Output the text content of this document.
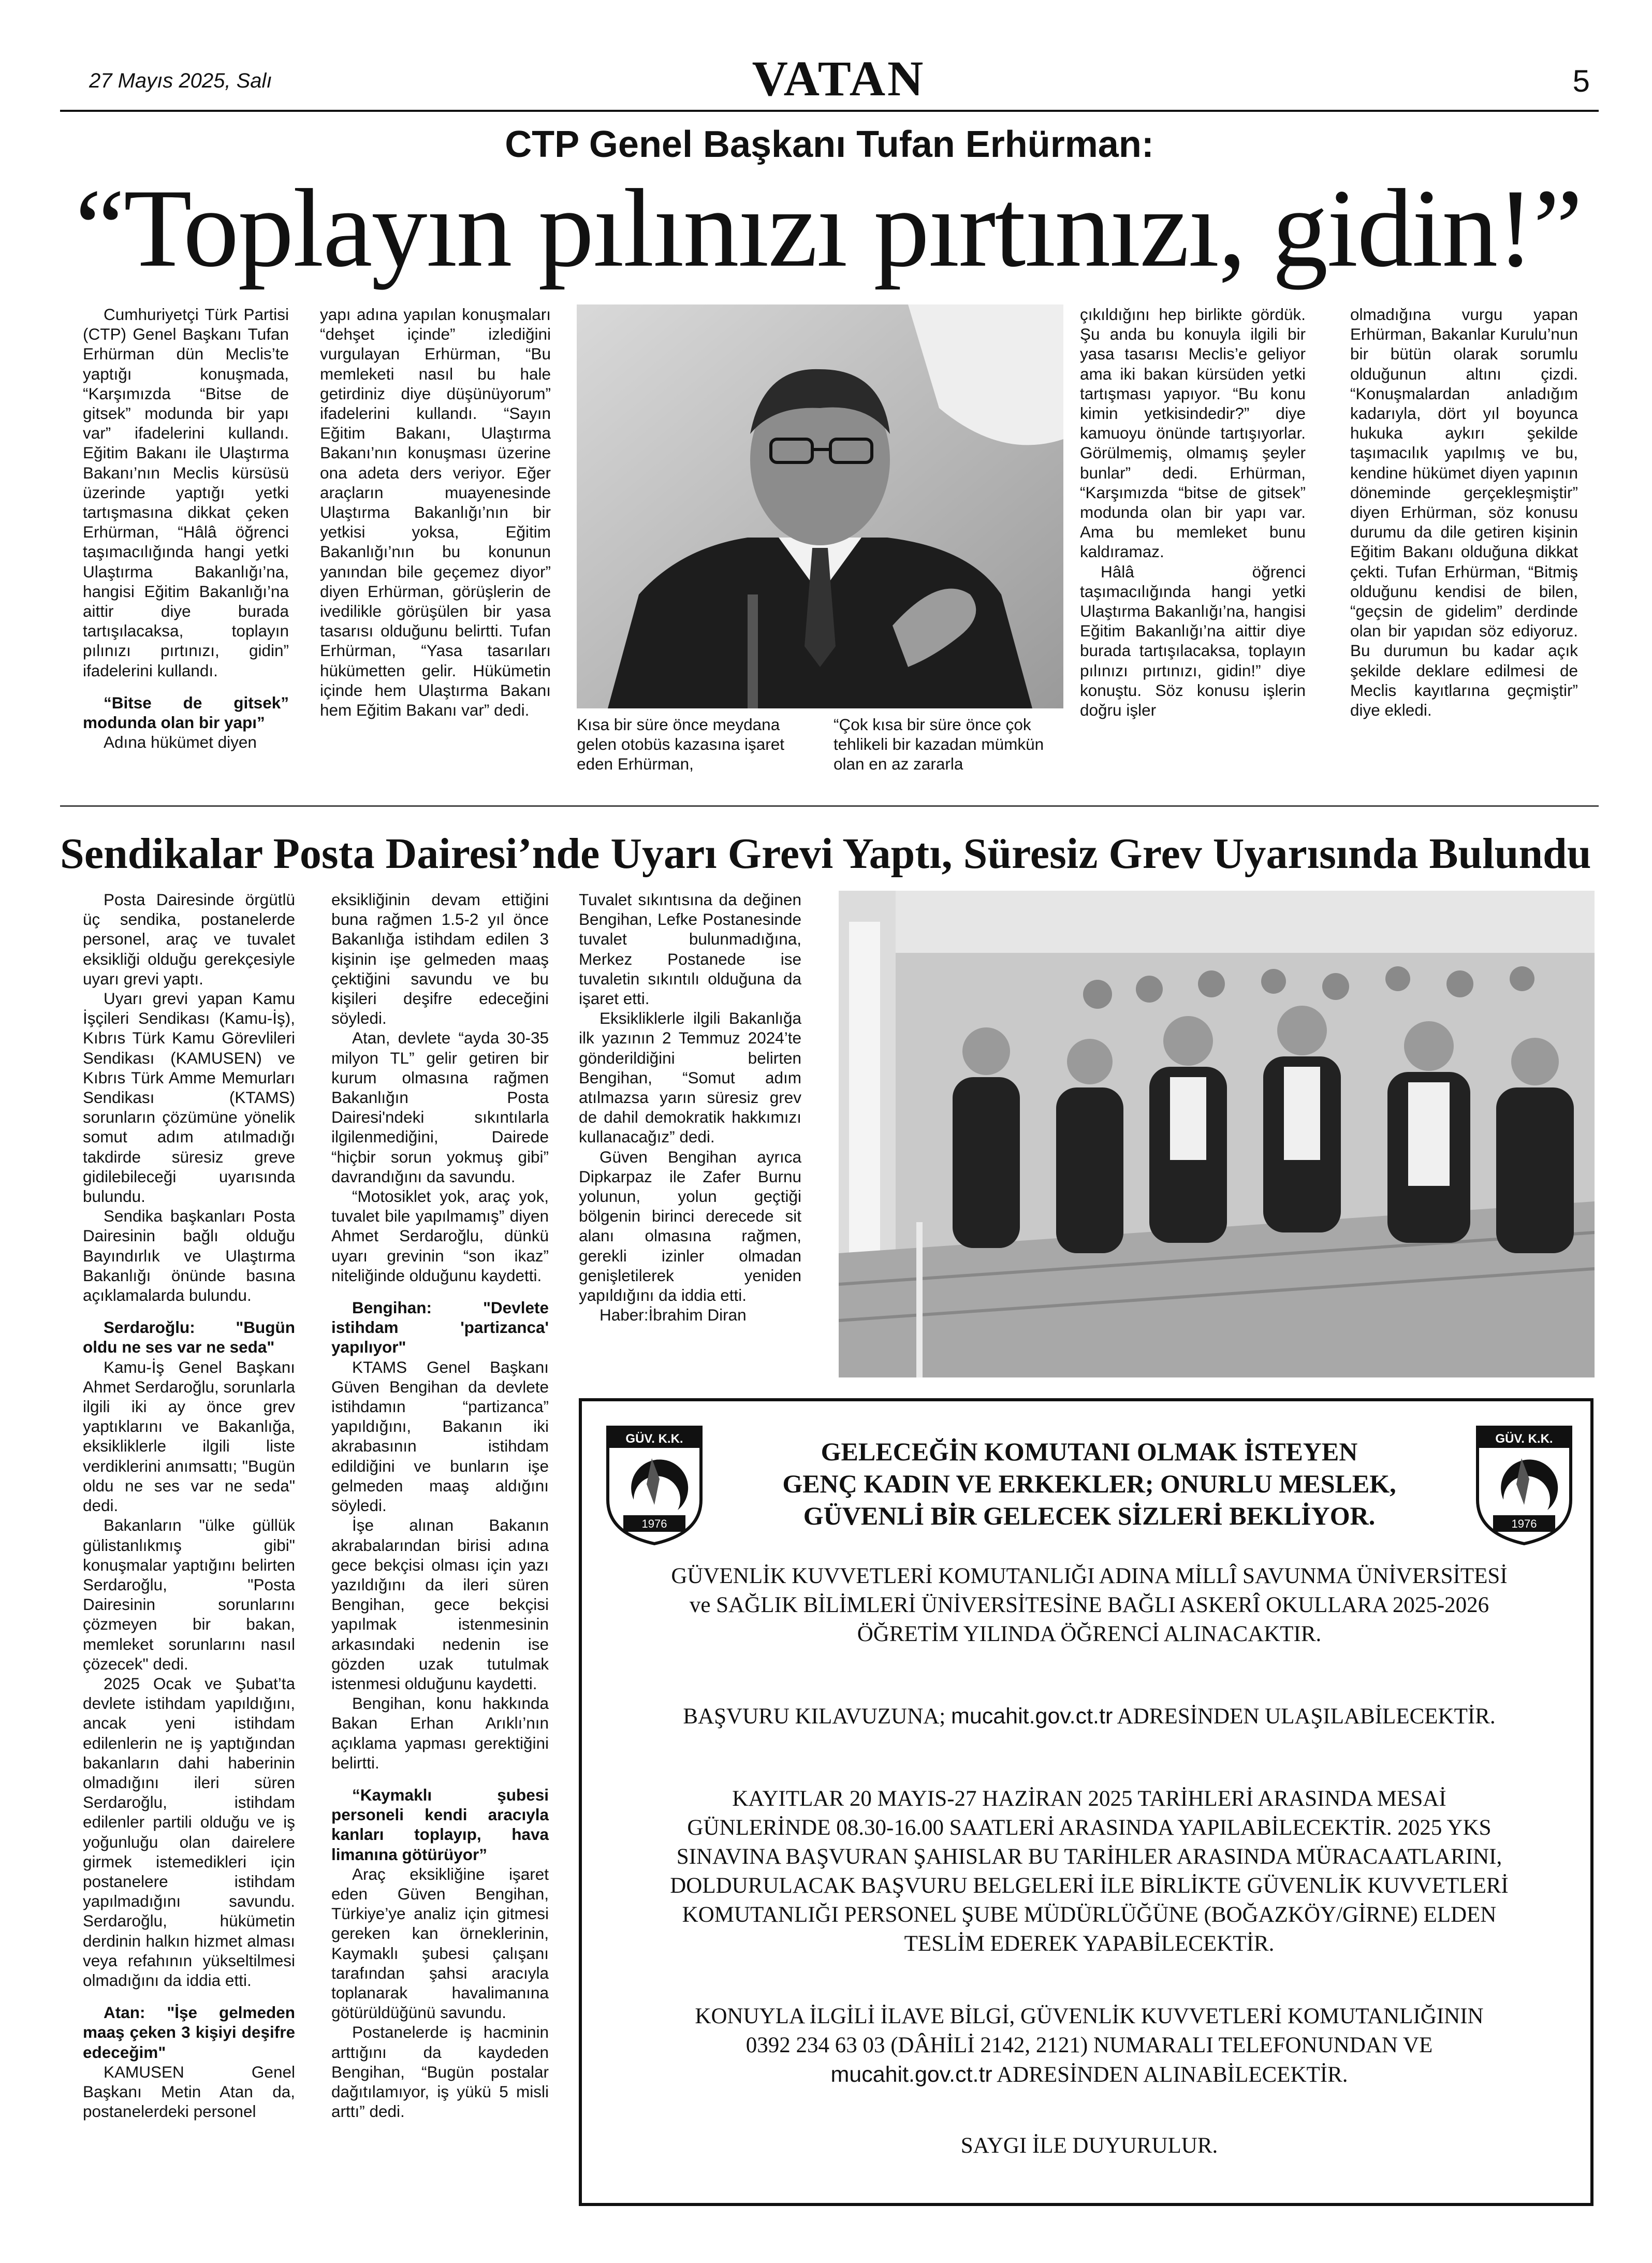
27 Mayıs 2025, Salı	VATAN	5
CTP Genel Başkanı Tufan Erhürman:
“Toplayın pılınızı pırtınızı, gidin!”

Cumhuriyetçi Türk Partisi (CTP) Genel Başkanı Tufan Erhürman dün Meclis’te yaptığı konuşmada, “Karşımızda “Bitse de gitsek” modunda bir yapı var” ifadelerini kullandı. Eğitim Bakanı ile Ulaştırma Bakanı’nın Meclis kürsüsü üzerinde yaptığı yetki tartışmasına dikkat çeken Erhürman, “Hâlâ öğrenci taşımacılığında hangi yetki Ulaştırma Bakanlığı’na, hangisi Eğitim Bakanlığı’na aittir diye burada tartışılacaksa, toplayın pılınızı pırtınızı, gidin” ifadelerini kullandı.

“Bitse de gitsek” modunda olan bir yapı”

Adına hükümet diyen

yapı adına yapılan konuşmaları “dehşet içinde” izlediğini vurgulayan Erhürman, “Bu memleketi nasıl bu hale getirdiniz diye düşünüyorum” ifadelerini kullandı. “Sayın Eğitim Bakanı, Ulaştırma Bakanı’nın konuşması üzerine ona adeta ders veriyor. Eğer araçların muayenesinde Ulaştırma Bakanlığı’nın bir yetkisi yoksa, Eğitim Bakanlığı’nın bu konunun yanından bile geçemez diyor” diyen Erhürman, görüşlerin de ivedilikle görüşülen bir yasa tasarısı olduğunu belirtti. Tufan Erhürman, “Yasa tasarıları hükümetten gelir. Hükümetin içinde hem Ulaştırma Bakanı hem Eğitim Bakanı var” dedi.

Kısa bir süre önce meydana gelen otobüs kazasına işaret eden Erhürman,
“Çok kısa bir süre önce çok tehlikeli bir kazadan mümkün olan en az zararla

çıkıldığını hep birlikte gördük. Şu anda bu konuyla ilgili bir yasa tasarısı Meclis’e geliyor ama iki bakan kürsüden yetki tartışması yapıyor. “Bu konu kimin yetkisindedir?” diye kamuoyu önünde tartışıyorlar. Görülmemiş, olmamış şeyler bunlar” dedi. Erhürman, “Karşımızda “bitse de gitsek” modunda olan bir yapı var. Ama bu memleket bunu kaldıramaz.

Hâlâ öğrenci taşımacılığında hangi yetki Ulaştırma Bakanlığı’na, hangisi Eğitim Bakanlığı’na aittir diye burada tartışılacaksa, toplayın pılınızı pırtınızı, gidin!” diye konuştu. Söz konusu işlerin doğru işler

olmadığına vurgu yapan Erhürman, Bakanlar Kurulu’nun bir bütün olarak sorumlu olduğunun altını çizdi. “Konuşmalardan anladığım kadarıyla, dört yıl boyunca hukuka aykırı şekilde taşımacılık yapılmış ve bu, kendine hükümet diyen yapının döneminde gerçekleşmiştir” diyen Erhürman, söz konusu durumu da dile getiren kişinin Eğitim Bakanı olduğuna dikkat çekti. Tufan Erhürman, “Bitmiş olduğunu kendisi de bilen, “geçsin de gidelim” derdinde olan bir yapıdan söz ediyoruz. Bu durumun bu kadar açık şekilde deklare edilmesi de Meclis kayıtlarına geçmiştir” diye ekledi.

Sendikalar Posta Dairesi’nde Uyarı Grevi Yaptı, Süresiz Grev Uyarısında Bulundu

Posta Dairesinde örgütlü üç sendika, postanelerde personel, araç ve tuvalet eksikliği olduğu gerekçesiyle uyarı grevi yaptı.

Uyarı grevi yapan Kamu İşçileri Sendikası (Kamu-İş), Kıbrıs Türk Kamu Görevlileri Sendikası (KAMUSEN) ve Kıbrıs Türk Amme Memurları Sendikası (KTAMS) sorunların çözümüne yönelik somut adım atılmadığı takdirde süresiz greve gidilebileceği uyarısında bulundu.

Sendika başkanları Posta Dairesinin bağlı olduğu Bayındırlık ve Ulaştırma Bakanlığı önünde basına açıklamalarda bulundu.

Serdaroğlu: "Bugün oldu ne ses var ne seda"

Kamu-İş Genel Başkanı Ahmet Serdaroğlu, sorunlarla ilgili iki ay önce grev yaptıklarını ve Bakanlığa, eksikliklerle ilgili liste verdiklerini anımsattı; "Bugün oldu ne ses var ne seda" dedi.

Bakanların "ülke güllük gülistanlıkmış gibi" konuşmalar yaptığını belirten Serdaroğlu, "Posta Dairesinin sorunlarını çözmeyen bir bakan, memleket sorunlarını nasıl çözecek" dedi.

2025 Ocak ve Şubat’ta devlete istihdam yapıldığını, ancak yeni istihdam edilenlerin ne iş yaptığından bakanların dahi haberinin olmadığını ileri süren Serdaroğlu, istihdam edilenler partili olduğu ve iş yoğunluğu olan dairelere girmek istemedikleri için postanelere istihdam yapılmadığını savundu. Serdaroğlu, hükümetin derdinin halkın hizmet alması veya refahının yükseltilmesi olmadığını da iddia etti.

Atan: "İşe gelmeden maaş çeken 3 kişiyi deşifre edeceğim"

KAMUSEN Genel Başkanı Metin Atan da, postanelerdeki personel

eksikliğinin devam ettiğini buna rağmen 1.5-2 yıl önce Bakanlığa istihdam edilen 3 kişinin işe gelmeden maaş çektiğini savundu ve bu kişileri deşifre edeceğini söyledi.

Atan, devlete “ayda 30-35 milyon TL” gelir getiren bir kurum olmasına rağmen Bakanlığın Posta Dairesi'ndeki sıkıntılarla ilgilenmediğini, Dairede “hiçbir sorun yokmuş gibi” davrandığını da savundu.

“Motosiklet yok, araç yok, tuvalet bile yapılmamış” diyen Ahmet Serdaroğlu, dünkü uyarı grevinin “son ikaz” niteliğinde olduğunu kaydetti.

Bengihan: "Devlete istihdam 'partizanca' yapılıyor"

KTAMS Genel Başkanı Güven Bengihan da devlete istihdamın “partizanca” yapıldığını, Bakanın iki akrabasının istihdam edildiğini ve bunların işe gelmeden maaş aldığını söyledi.

İşe alınan Bakanın akrabalarından birisi adına gece bekçisi olması için yazı yazıldığını da ileri süren Bengihan, gece bekçisi yapılmak istenmesinin arkasındaki nedenin ise gözden uzak tutulmak istenmesi olduğunu kaydetti.

Bengihan, konu hakkında Bakan Erhan Arıklı’nın açıklama yapması gerektiğini belirtti.

“Kaymaklı şubesi personeli kendi aracıyla kanları toplayıp, hava limanına götürüyor”

Araç eksikliğine işaret eden Güven Bengihan, Türkiye’ye analiz için gitmesi gereken kan örneklerinin, Kaymaklı şubesi çalışanı tarafından şahsi aracıyla toplanarak havalimanına götürüldüğünü savundu.

Postanelerde iş hacminin arttığını da kaydeden Bengihan, “Bugün postalar dağıtılamıyor, iş yükü 5 misli arttı” dedi.

Tuvalet sıkıntısına da değinen Bengihan, Lefke Postanesinde tuvalet bulunmadığına, Merkez Postanede ise tuvaletin sıkıntılı olduğuna da işaret etti.

Eksikliklerle ilgili Bakanlığa ilk yazının 2 Temmuz 2024’te gönderildiğini belirten Bengihan, “Somut adım atılmazsa yarın süresiz grev de dahil demokratik hakkımızı kullanacağız” dedi.

Güven Bengihan ayrıca Dipkarpaz ile Zafer Burnu yolunun, yolun geçtiği bölgenin birinci derecede sit alanı olmasına rağmen, gerekli izinler olmadan genişletilerek yeniden yapıldığını da iddia etti.

Haber:İbrahim Diran

GÜV. K.K.
1976
GÜV. K.K.
1976
GELECEĞİN KOMUTANI OLMAK İSTEYEN
GENÇ KADIN VE ERKEKLER; ONURLU MESLEK,
GÜVENLİ BİR GELECEK SİZLERİ BEKLİYOR.
GÜVENLİK KUVVETLERİ KOMUTANLIĞI ADINA MİLLÎ SAVUNMA ÜNİVERSİTESİ
ve SAĞLIK BİLİMLERİ ÜNİVERSİTESİNE BAĞLI ASKERÎ OKULLARA 2025-2026
ÖĞRETİM YILINDA ÖĞRENCİ ALINACAKTIR.
BAŞVURU KILAVUZUNA; mucahit.gov.ct.tr ADRESİNDEN ULAŞILABİLECEKTİR.
KAYITLAR 20 MAYIS-27 HAZİRAN 2025 TARİHLERİ ARASINDA MESAİ
GÜNLERİNDE 08.30-16.00 SAATLERİ ARASINDA YAPILABİLECEKTİR. 2025 YKS
SINAVINA BAŞVURAN ŞAHISLAR BU TARİHLER ARASINDA MÜRACAATLARINI,
DOLDURULACAK BAŞVURU BELGELERİ İLE BİRLİKTE GÜVENLİK KUVVETLERİ
KOMUTANLIĞI PERSONEL ŞUBE MÜDÜRLÜĞÜNE (BOĞAZKÖY/GİRNE) ELDEN
TESLİM EDEREK YAPABİLECEKTİR.
KONUYLA İLGİLİ İLAVE BİLGİ, GÜVENLİK KUVVETLERİ KOMUTANLIĞININ
0392 234 63 03 (DÂHİLİ 2142, 2121) NUMARALI TELEFONUNDAN VE
mucahit.gov.ct.tr ADRESİNDEN ALINABİLECEKTİR.
SAYGI İLE DUYURULUR.
